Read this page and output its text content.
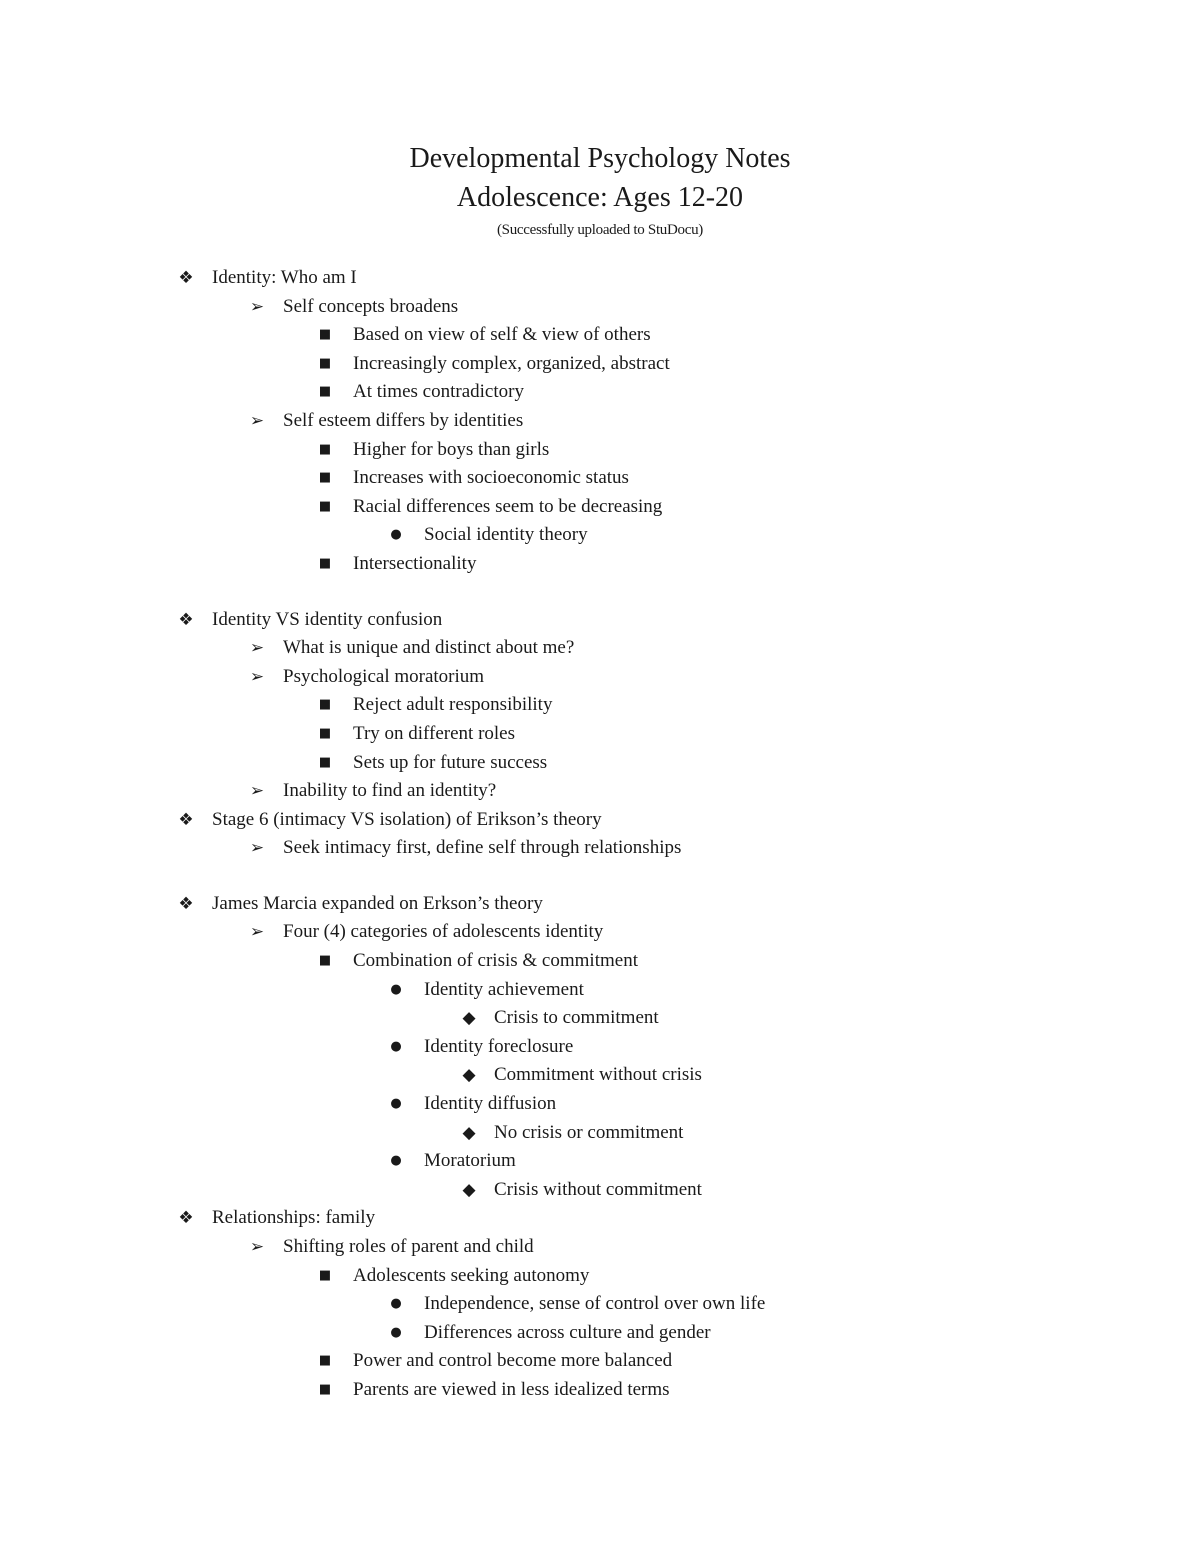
Developmental Psychology Notes
Adolescence: Ages 12-20
(Successfully uploaded to StuDocu)
❖ Identity: Who am I
➢ Self concepts broadens
■	Based on view of self & view of others
■	Increasingly complex, organized, abstract
■	At times contradictory
➢ Self esteem differs by identities
■	Higher for boys than girls
■	Increases with socioeconomic status
■	Racial differences seem to be decreasing
●	Social identity theory
■	Intersectionality
❖ Identity VS identity confusion
➢ What is unique and distinct about me?
➢ Psychological moratorium
■	Reject adult responsibility
■	Try on different roles
■	Sets up for future success
➢ Inability to find an identity?
❖ Stage 6 (intimacy VS isolation) of Erikson’s theory
➢ Seek intimacy first, define self through relationships
❖ James Marcia expanded on Erkson’s theory
➢ Four (4) categories of adolescents identity
■	Combination of crisis & commitment
●	Identity achievement
◆ Crisis to commitment
●	Identity foreclosure
◆ Commitment without crisis
●	Identity diffusion
◆ No crisis or commitment
●	Moratorium
◆ Crisis without commitment
❖ Relationships: family
➢ Shifting roles of parent and child
■	Adolescents seeking autonomy
●	Independence, sense of control over own life
●	Differences across culture and gender
■	Power and control become more balanced
■	Parents are viewed in less idealized terms
